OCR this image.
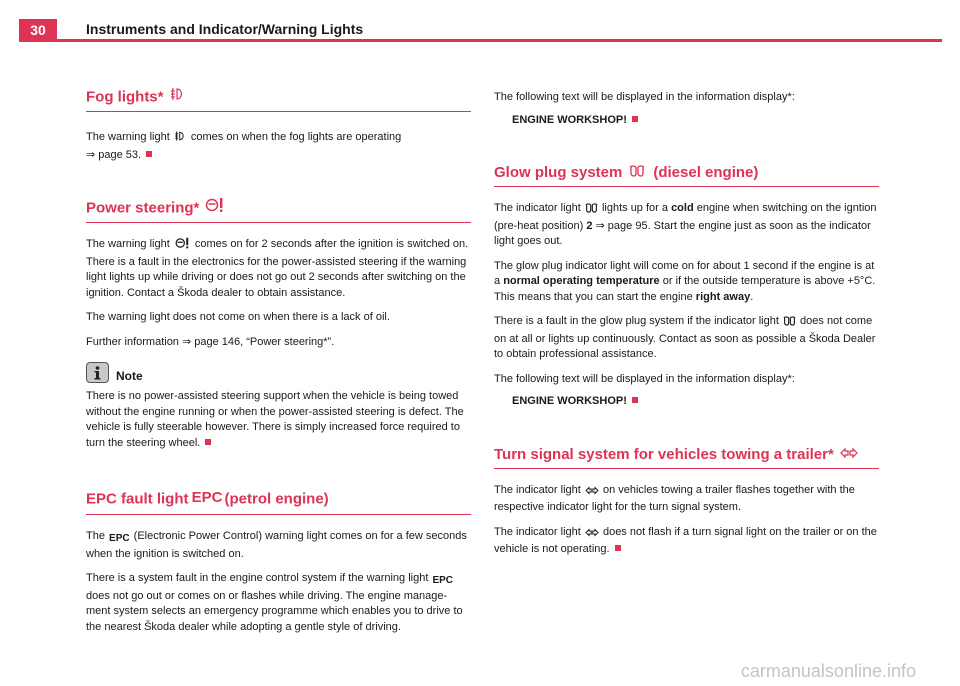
30	Instruments and Indicator/Warning Lights
Fog lights*

The warning light comes on when the fog lights are operating
⇒ page 53.

Power steering*

The warning light comes on for 2 seconds after the ignition is switched on. There is a fault in the electronics for the power-assisted steering if the warning light lights up while driving or does not go out 2 seconds after switching on the ignition. Contact a Škoda dealer to obtain assistance.

The warning light does not come on when there is a lack of oil.

Further information ⇒ page 146, “Power steering*”.

Note

There is no power-assisted steering support when the vehicle is being towed without the engine running or when the power-assisted steering is defect. The vehicle is fully steerable however. There is simply increased force required to turn the steering wheel.

EPC fault light EPC (petrol engine)

The EPC (Electronic Power Control) warning light comes on for a few seconds when the ignition is switched on.

There is a system fault in the engine control system if the warning light EPC does not go out or comes on or flashes while driving. The engine manage-ment system selects an emergency programme which enables you to drive to the nearest Škoda dealer while adopting a gentle style of driving.

The following text will be displayed in the information display*:

ENGINE WORKSHOP!

Glow plug system (diesel engine)

The indicator light lights up for a cold engine when switching on the igntion (pre-heat position) 2 ⇒ page 95. Start the engine just as soon as the indicator light goes out.

The glow plug indicator light will come on for about 1 second if the engine is at a normal operating temperature or if the outside temperature is above +5°C. This means that you can start the engine right away.

There is a fault in the glow plug system if the indicator light does not come on at all or lights up continuously. Contact as soon as possible a Škoda Dealer to obtain professional assistance.

The following text will be displayed in the information display*:

ENGINE WORKSHOP!

Turn signal system for vehicles towing a trailer*

The indicator light on vehicles towing a trailer flashes together with the respective indicator light for the turn signal system.

The indicator light does not flash if a turn signal light on the trailer or on the vehicle is not operating.

carmanualsonline.info
